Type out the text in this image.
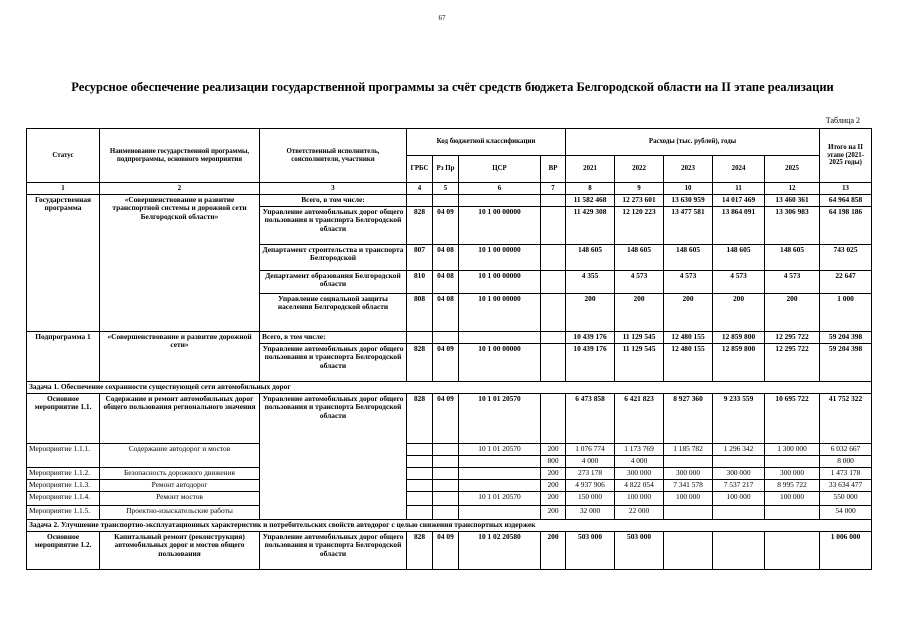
67
Ресурсное обеспечение реализации государственной программы за счёт средств бюджета Белгородской области на II этапе реализации
Таблица 2
Статус	Наименование государственной программы, подпрограммы, основного мероприятия	Ответственный исполнитель, соисполнители, участники	Код бюджетной классификации				Расходы (тыс. рублей), годы					Итого на II этапе (2021-2025 годы)
			ГРБС	Рз Пр	ЦСР	ВР	2021	2022	2023	2024	2025	
1	2	3	4	5	6	7	8	9	10	11	12	13
Государственная программа	«Совершенствование и развитие транспортной системы и дорожной сети Белгородской области»	Всего, в том числе:					11 582 468	12 273 601	13 630 959	14 017 469	13 460 361	64 964 858
		Управление автомобильных дорог общего пользования и транспорта Белгородской области	828	04 09	10 1 00 00000		11 429 308	12 120 223	13 477 581	13 864 091	13 306 983	64 198 186
		Департамент строительства и транспорта Белгородской	807	04 08	10 1 00 00000		148 605	148 605	148 605	148 605	148 605	743 025
		Департамент образования Белгородской области	810	04 08	10 1 00 00000		4 355	4 573	4 573	4 573	4 573	22 647
		Управление социальной защиты населения Белгородской области	808	04 08	10 1 00 00000		200	200	200	200	200	1 000
Подпрограмма 1	«Совершенствование и развитие дорожной сети»	Всего, в том числе:					10 439 176	11 129 545	12 480 155	12 859 800	12 295 722	59 204 398
		Управление автомобильных дорог общего пользования и транспорта Белгородской области	828	04 09	10 1 00 00000		10 439 176	11 129 545	12 480 155	12 859 800	12 295 722	59 204 398
Задача 1. Обеспечение сохранности существующей сети автомобильных дорог												
Основное мероприятие 1.1.	Содержание и ремонт автомобильных дорог общего пользования регионального значения	Управление автомобильных дорог общего пользования и транспорта Белгородской области	828	04 09	10 1 01 20570		6 473 858	6 421 823	8 927 360	9 233 559	10 695 722	41 752 322
Мероприятие 1.1.1.	Содержание автодорог и мостов				10 1 01 20570	200	1 076 774	1 173 769	1 185 782	1 296 342	1 300 000	6 032 667
						800	4 000	4 000				8 000
Мероприятие 1.1.2.	Безопасность дорожного движения					200	273 178	300 000	300 000	300 000	300 000	1 473 178
Мероприятие 1.1.3.	Ремонт автодорог					200	4 937 906	4 822 054	7 341 578	7 537 217	8 995 722	33 634 477
Мероприятие 1.1.4.	Ремонт мостов				10 1 01 20570	200	150 000	100 000	100 000	100 000	100 000	550 000
Мероприятие 1.1.5.	Проектно-изыскательские работы					200	32 000	22 000				54 000
Задача 2. Улучшение транспортно-эксплуатационных характеристик и потребительских свойств автодорог с целью снижения транспортных издержек												
Основное мероприятие 1.2.	Капитальный ремонт (реконструкция) автомобильных дорог и мостов общего пользования	Управление автомобильных дорог общего пользования и транспорта Белгородской области	828	04 09	10 1 02 20580	200	503 000	503 000				1 006 000
